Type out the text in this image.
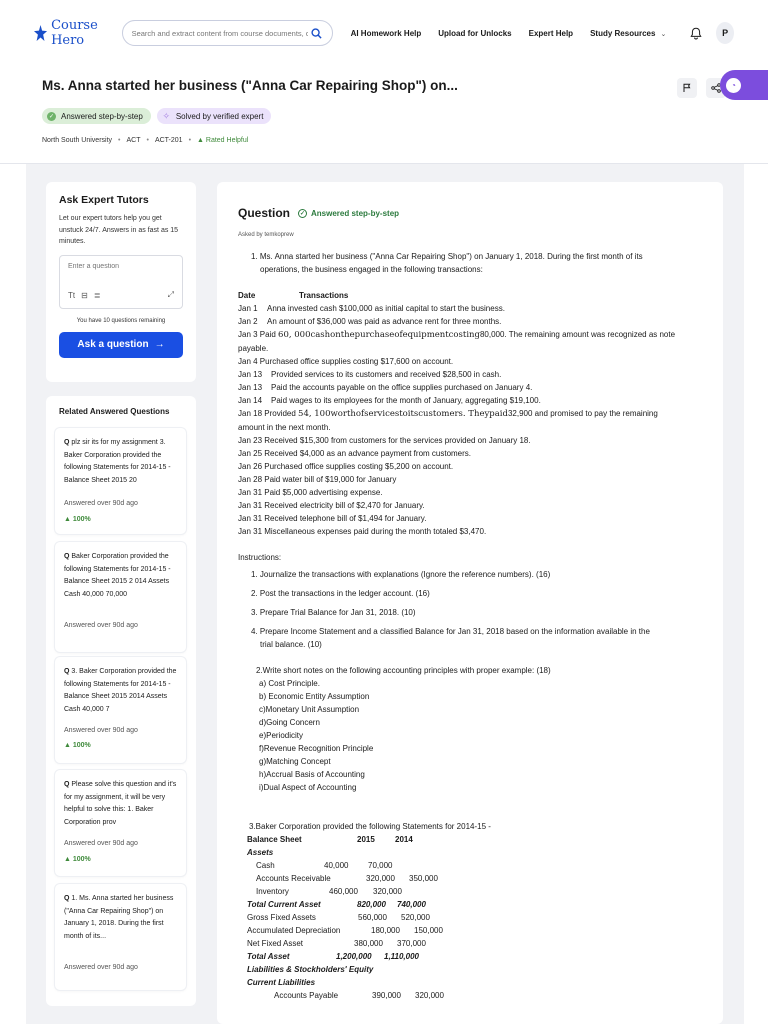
Course Hero
Search and extract content from course documents, que	AI Homework Help Upload for Unlocks Expert Help Study Resources ⌄	P
Ms. Anna started her business ("Anna Car Repairing Shop") on...
✓ Answered step-by-step ✧ Solved by verified expert
North South University • ACT • ACT-201 • ▲ Rated Helpful
◔
Ask Expert Tutors
Let our expert tutors help you get unstuck 24/7. Answers in as fast as 15 minutes.
Enter a question
Tt ⊟ ≣	⤢
You have 10 questions remaining
Ask a question →
Related Answered Questions
Q plz sir its for my assignment 3. Baker Corporation provided the following Statements for 2014-15 - Balance Sheet 2015 20
Answered over 90d ago
▲ 100%
Q Baker Corporation provided the following Statements for 2014-15 - Balance Sheet 2015 2 014 Assets Cash 40,000 70,000
Answered over 90d ago
Q 3. Baker Corporation provided the following Statements for 2014-15 - Balance Sheet 2015 2014 Assets Cash 40,000 7
Answered over 90d ago
▲ 100%
Q Please solve this question and it's for my assignment, it will be very helpful to solve this: 1. Baker Corporation prov
Answered over 90d ago
▲ 100%
Q 1. Ms. Anna started her business ("Anna Car Repairing Shop") on January 1, 2018. During the first month of its...
Answered over 90d ago
Question	✓ Answered step-by-step
Asked by temkoprew
1. Ms. Anna started her business ("Anna Car Repairing Shop") on January 1, 2018. During the first month of its
operations, the business engaged in the following transactions:
Date	Transactions
Jan 1 Anna invested cash $100,000 as initial capital to start the business.
Jan 2 An amount of $36,000 was paid as advance rent for three months.
Jan 3 Paid 60, 000cashonthepurchaseofequipmentcosting80,000. The remaining amount was recognized as note
payable.
Jan 4 Purchased office supplies costing $17,600 on account.
Jan 13 Provided services to its customers and received $28,500 in cash.
Jan 13 Paid the accounts payable on the office supplies purchased on January 4.
Jan 14 Paid wages to its employees for the month of January, aggregating $19,100.
Jan 18 Provided 54, 100worthofservicestoitscustomers. Theypaid32,900 and promised to pay the remaining
amount in the next month.
Jan 23 Received $15,300 from customers for the services provided on January 18.
Jan 25 Received $4,000 as an advance payment from customers.
Jan 26 Purchased office supplies costing $5,200 on account.
Jan 28 Paid water bill of $19,000 for January
Jan 31 Paid $5,000 advertising expense.
Jan 31 Received electricity bill of $2,470 for January.
Jan 31 Received telephone bill of $1,494 for January.
Jan 31 Miscellaneous expenses paid during the month totaled $3,470.
Instructions:
1. Journalize the transactions with explanations (Ignore the reference numbers). (16)
2. Post the transactions in the ledger account. (16)
3. Prepare Trial Balance for Jan 31, 2018. (10)
4. Prepare Income Statement and a classified Balance for Jan 31, 2018 based on the information available in the
trial balance. (10)
2.Write short notes on the following accounting principles with proper example: (18)
a) Cost Principle.
b) Economic Entity Assumption
c)Monetary Unit Assumption
d)Going Concern
e)Periodicity
f)Revenue Recognition Principle
g)Matching Concept
h)Accrual Basis of Accounting
i)Dual Aspect of Accounting
3.Baker Corporation provided the following Statements for 2014-15 -
Balance Sheet	2015	2014
Assets
Cash	40,000 70,000
Accounts Receivable	320,000 350,000
Inventory	460,000 320,000
Total Current Asset	820,000 740,000
Gross Fixed Assets	560,000 520,000
Accumulated Depreciation	180,000 150,000
Net Fixed Asset	380,000 370,000
Total Asset	1,200,000 1,110,000
Liabilities & Stockholders' Equity
Current Liabilities
Accounts Payable	390,000 320,000
